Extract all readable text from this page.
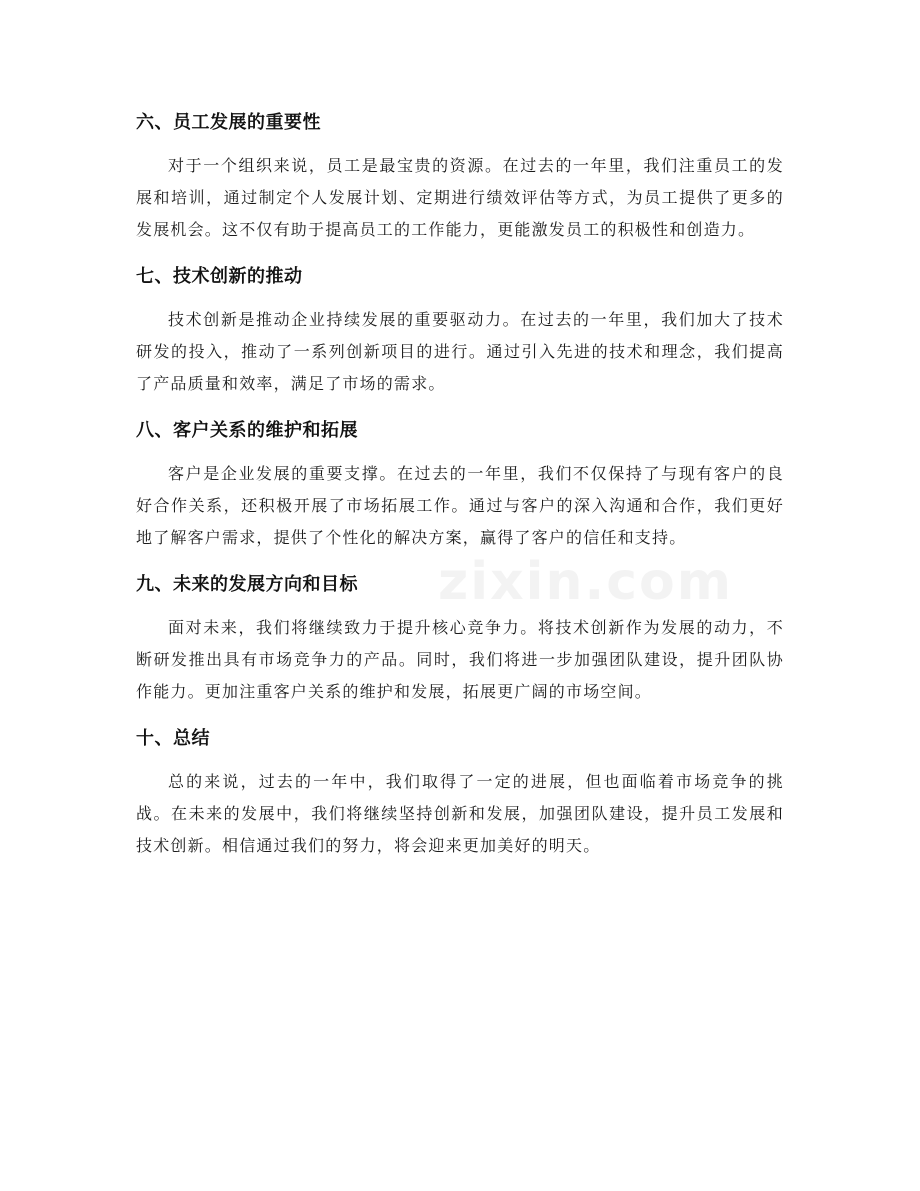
六、员工发展的重要性

对于一个组织来说，员工是最宝贵的资源。在过去的一年里，我们注重员工的发展和培训，通过制定个人发展计划、定期进行绩效评估等方式，为员工提供了更多的发展机会。这不仅有助于提高员工的工作能力，更能激发员工的积极性和创造力。

七、技术创新的推动

技术创新是推动企业持续发展的重要驱动力。在过去的一年里，我们加大了技术研发的投入，推动了一系列创新项目的进行。通过引入先进的技术和理念，我们提高了产品质量和效率，满足了市场的需求。

八、客户关系的维护和拓展

客户是企业发展的重要支撑。在过去的一年里，我们不仅保持了与现有客户的良好合作关系，还积极开展了市场拓展工作。通过与客户的深入沟通和合作，我们更好地了解客户需求，提供了个性化的解决方案，赢得了客户的信任和支持。

九、未来的发展方向和目标

面对未来，我们将继续致力于提升核心竞争力。将技术创新作为发展的动力，不断研发推出具有市场竞争力的产品。同时，我们将进一步加强团队建设，提升团队协作能力。更加注重客户关系的维护和发展，拓展更广阔的市场空间。

十、总结

总的来说，过去的一年中，我们取得了一定的进展，但也面临着市场竞争的挑战。在未来的发展中，我们将继续坚持创新和发展，加强团队建设，提升员工发展和技术创新。相信通过我们的努力，将会迎来更加美好的明天。

zixin.com
